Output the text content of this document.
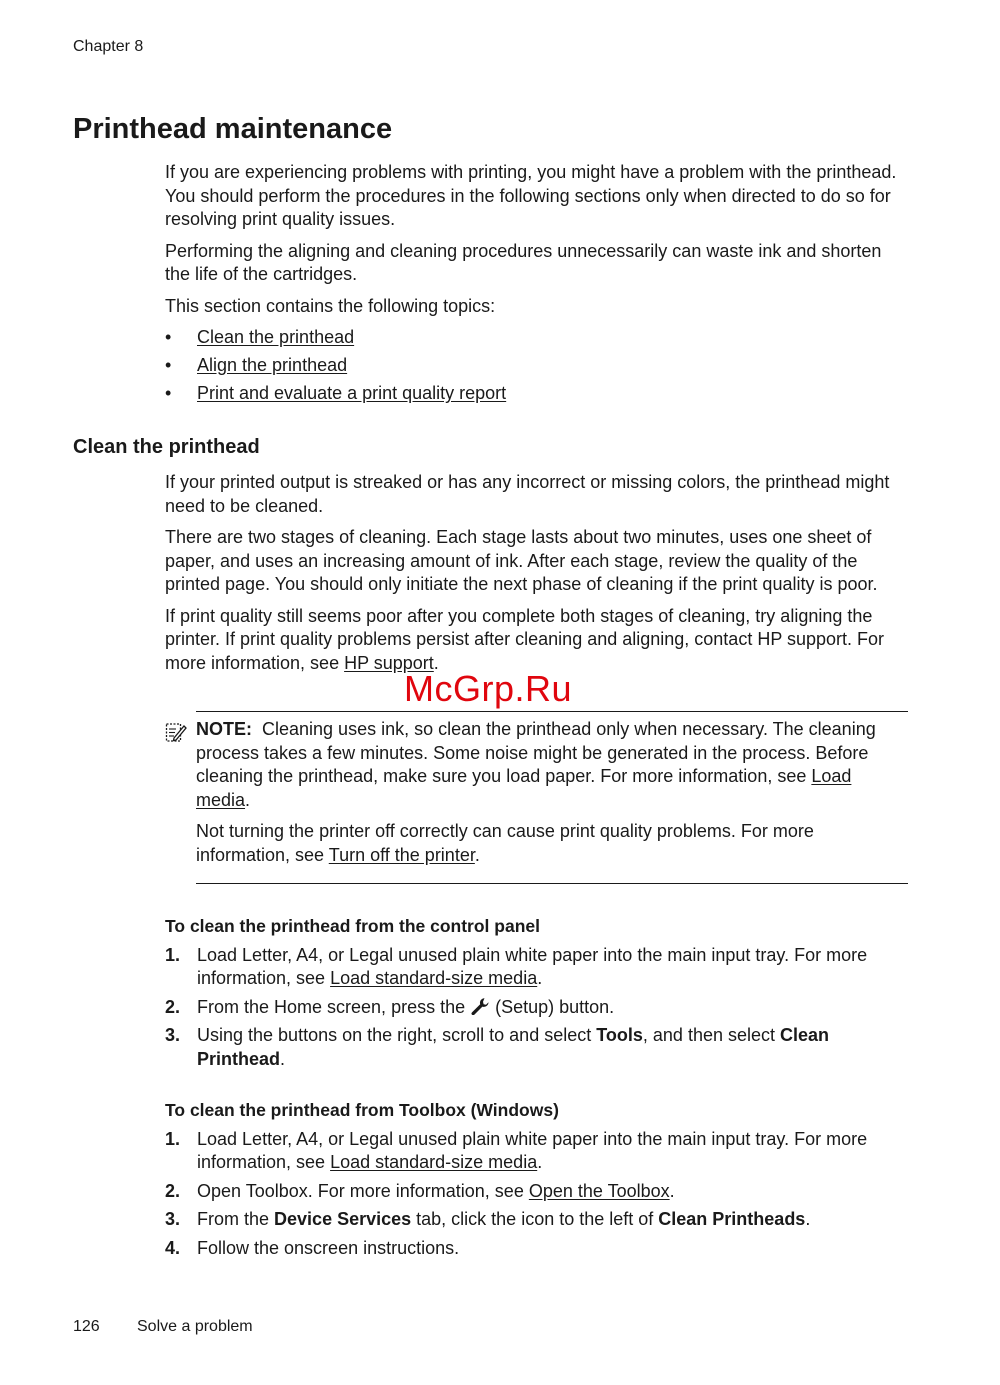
Chapter 8
Printhead maintenance

If you are experiencing problems with printing, you might have a problem with the printhead. You should perform the procedures in the following sections only when directed to do so for resolving print quality issues.

Performing the aligning and cleaning procedures unnecessarily can waste ink and shorten the life of the cartridges.

This section contains the following topics:

• Clean the printhead
• Align the printhead
• Print and evaluate a print quality report
Clean the printhead

If your printed output is streaked or has any incorrect or missing colors, the printhead might need to be cleaned.

There are two stages of cleaning. Each stage lasts about two minutes, uses one sheet of paper, and uses an increasing amount of ink. After each stage, review the quality of the printed page. You should only initiate the next phase of cleaning if the print quality is poor.

If print quality still seems poor after you complete both stages of cleaning, try aligning the printer. If print quality problems persist after cleaning and aligning, contact HP support. For more information, see HP support.

NOTE:  Cleaning uses ink, so clean the printhead only when necessary. The cleaning process takes a few minutes. Some noise might be generated in the process. Before cleaning the printhead, make sure you load paper. For more information, see Load media.

Not turning the printer off correctly can cause print quality problems. For more information, see Turn off the printer.

To clean the printhead from the control panel

1. Load Letter, A4, or Legal unused plain white paper into the main input tray. For more information, see Load standard-size media.
2. From the Home screen, press the  (Setup) button.
3. Using the buttons on the right, scroll to and select Tools, and then select Clean Printhead.

To clean the printhead from Toolbox (Windows)

1. Load Letter, A4, or Legal unused plain white paper into the main input tray. For more information, see Load standard-size media.
2. Open Toolbox. For more information, see Open the Toolbox.
3. From the Device Services tab, click the icon to the left of Clean Printheads.
4. Follow the onscreen instructions.
McGrp.Ru
126 Solve a problem
